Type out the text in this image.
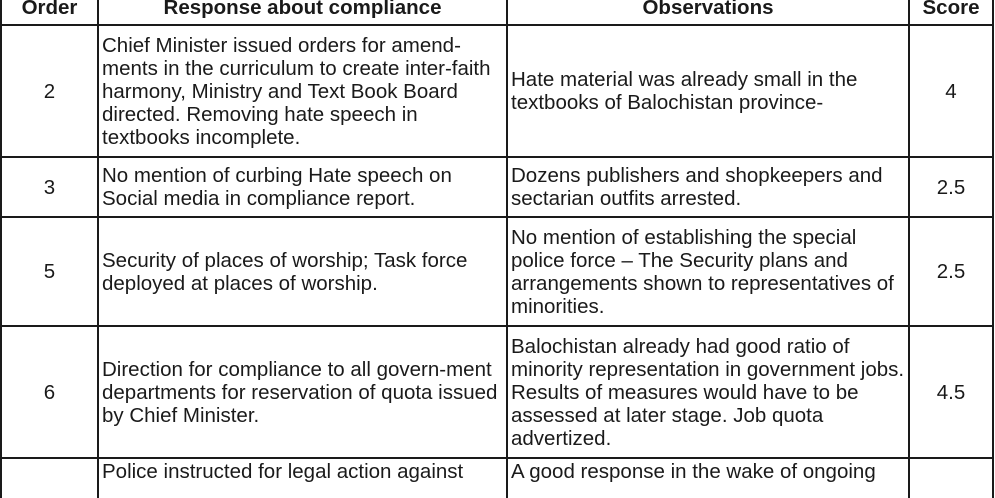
Order	Response about compliance	Observations	Score
2	Chief Minister issued orders for amend-ments in the curriculum to create inter-faith harmony, Ministry and Text Book Board directed. Removing hate speech in textbooks incomplete.	Hate material was already small in the textbooks of Balochistan province-	4
3	No mention of curbing Hate speech on Social media in compliance report.	Dozens publishers and shopkeepers and sectarian outfits arrested.	2.5
5	Security of places of worship; Task force deployed at places of worship.	No mention of establishing the special police force – The Security plans and arrangements shown to representatives of minorities.	2.5
6	Direction for compliance to all govern-ment departments for reservation of quota issued by Chief Minister.	Balochistan already had good ratio of minority representation in government jobs. Results of measures would have to be assessed at later stage. Job quota advertized.	4.5
	Police instructed for legal action against	A good response in the wake of ongoing	
